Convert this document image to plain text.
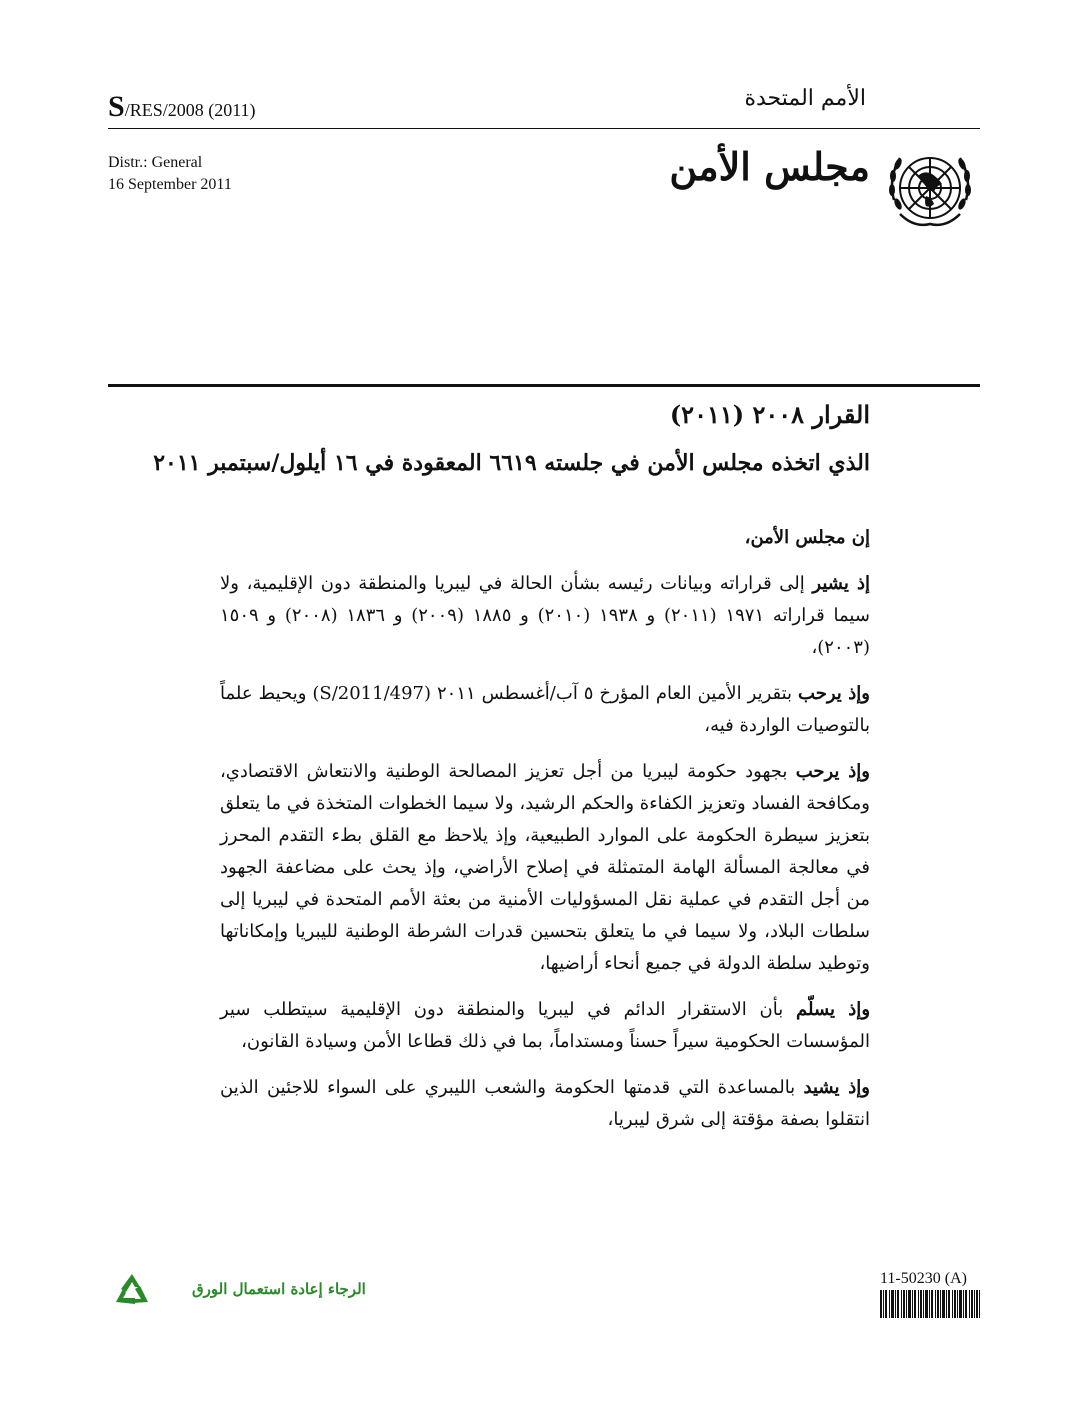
S/RES/2008 (2011)	الأمم المتحدة
Distr.: General
16 September 2011	مجلس الأمن
القرار ٢٠٠٨ (٢٠١١)
الذي اتخذه مجلس الأمن في جلسته ٦٦١٩ المعقودة في ١٦ أيلول/سبتمبر ٢٠١١

إن مجلس الأمن،

إذ يشير إلى قراراته وبيانات رئيسه بشأن الحالة في ليبريا والمنطقة دون الإقليمية، ولا سيما قراراته ١٩٧١ (٢٠١١) و ١٩٣٨ (٢٠١٠) و ١٨٨٥ (٢٠٠٩) و ١٨٣٦ (٢٠٠٨) و ١٥٠٩ (٢٠٠٣)،

وإذ يرحب بتقرير الأمين العام المؤرخ ٥ آب/أغسطس ٢٠١١ (S/2011/497) ويحيط علماً بالتوصيات الواردة فيه،

وإذ يرحب بجهود حكومة ليبريا من أجل تعزيز المصالحة الوطنية والانتعاش الاقتصادي، ومكافحة الفساد وتعزيز الكفاءة والحكم الرشيد، ولا سيما الخطوات المتخذة في ما يتعلق بتعزيز سيطرة الحكومة على الموارد الطبيعية، وإذ يلاحظ مع القلق بطء التقدم المحرز في معالجة المسألة الهامة المتمثلة في إصلاح الأراضي، وإذ يحث على مضاعفة الجهود من أجل التقدم في عملية نقل المسؤوليات الأمنية من بعثة الأمم المتحدة في ليبريا إلى سلطات البلاد، ولا سيما في ما يتعلق بتحسين قدرات الشرطة الوطنية لليبريا وإمكاناتها وتوطيد سلطة الدولة في جميع أنحاء أراضيها،

وإذ يسلّم بأن الاستقرار الدائم في ليبريا والمنطقة دون الإقليمية سيتطلب سير المؤسسات الحكومية سيراً حسناً ومستداماً، بما في ذلك قطاعا الأمن وسيادة القانون،

وإذ يشيد بالمساعدة التي قدمتها الحكومة والشعب الليبري على السواء للاجئين الذين انتقلوا بصفة مؤقتة إلى شرق ليبريا،

الرجاء إعادة استعمال الورق
11-50230 (A)
